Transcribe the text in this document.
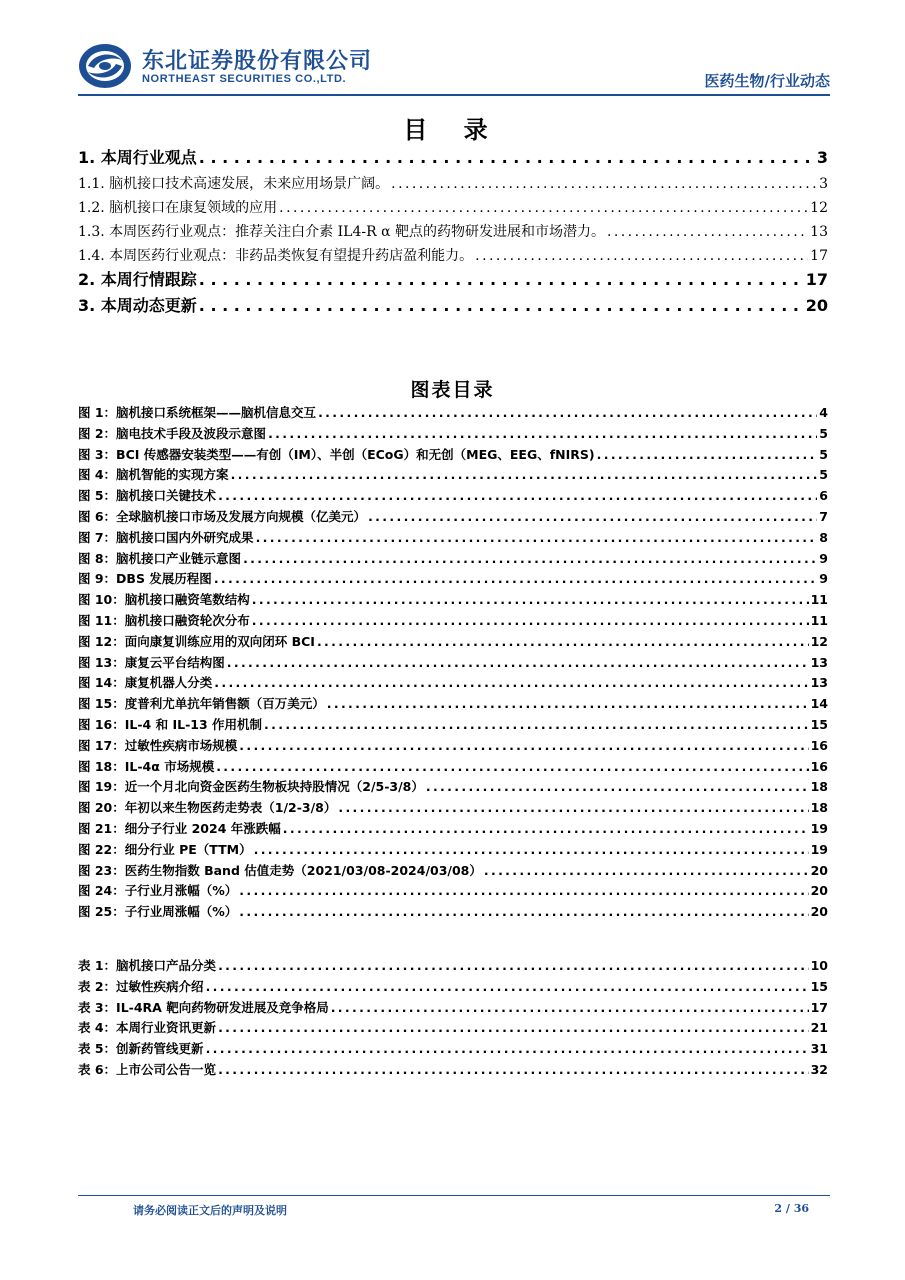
东北证券股份有限公司
NORTHEAST SECURITIES CO.,LTD.	医药生物/行业动态
目 录
1. 本周行业观点 . . .	3
1.1. 脑机接口技术高速发展，未来应用场景广阔。 . . .	3
1.2. 脑机接口在康复领域的应用 . . .	12
1.3. 本周医药行业观点：推荐关注白介素 IL4-R α 靶点的药物研发进展和市场潜力。 . . .	13
1.4. 本周医药行业观点：非药品类恢复有望提升药店盈利能力。 . . .	17
2. 本周行情跟踪 . . .	17
3. 本周动态更新 . . .	20
图表目录
图 1：脑机接口系统框架——脑机信息交互 . . .	4
图 2：脑电技术手段及波段示意图 . . .	5
图 3：BCI 传感器安装类型——有创（IM）、半创（ECoG）和无创（MEG、EEG、fNIRS) . . .	5
图 4：脑机智能的实现方案 . . .	5
图 5：脑机接口关键技术 . . .	6
图 6：全球脑机接口市场及发展方向规模（亿美元） . . .	7
图 7：脑机接口国内外研究成果 . . .	8
图 8：脑机接口产业链示意图 . . .	9
图 9：DBS 发展历程图 . . .	9
图 10：脑机接口融资笔数结构 . . .	11
图 11：脑机接口融资轮次分布 . . .	11
图 12：面向康复训练应用的双向闭环 BCI . . .	12
图 13：康复云平台结构图 . . .	13
图 14：康复机器人分类 . . .	13
图 15：度普利尤单抗年销售额（百万美元） . . .	14
图 16：IL-4 和 IL-13 作用机制 . . .	15
图 17：过敏性疾病市场规模 . . .	16
图 18：IL-4α 市场规模 . . .	16
图 19：近一个月北向资金医药生物板块持股情况（2/5-3/8） . . .	18
图 20：年初以来生物医药走势表（1/2-3/8） . . .	18
图 21：细分子行业 2024 年涨跌幅 . . .	19
图 22：细分行业 PE（TTM） . . .	19
图 23：医药生物指数 Band 估值走势（2021/03/08-2024/03/08） . . .	20
图 24：子行业月涨幅（%） . . .	20
图 25：子行业周涨幅（%） . . .	20
表 1：脑机接口产品分类 . . .	10
表 2：过敏性疾病介绍 . . .	15
表 3：IL-4RA 靶向药物研发进展及竞争格局 . . .	17
表 4：本周行业资讯更新 . . .	21
表 5：创新药管线更新 . . .	31
表 6：上市公司公告一览 . . .	32
请务必阅读正文后的声明及说明	2 / 36
